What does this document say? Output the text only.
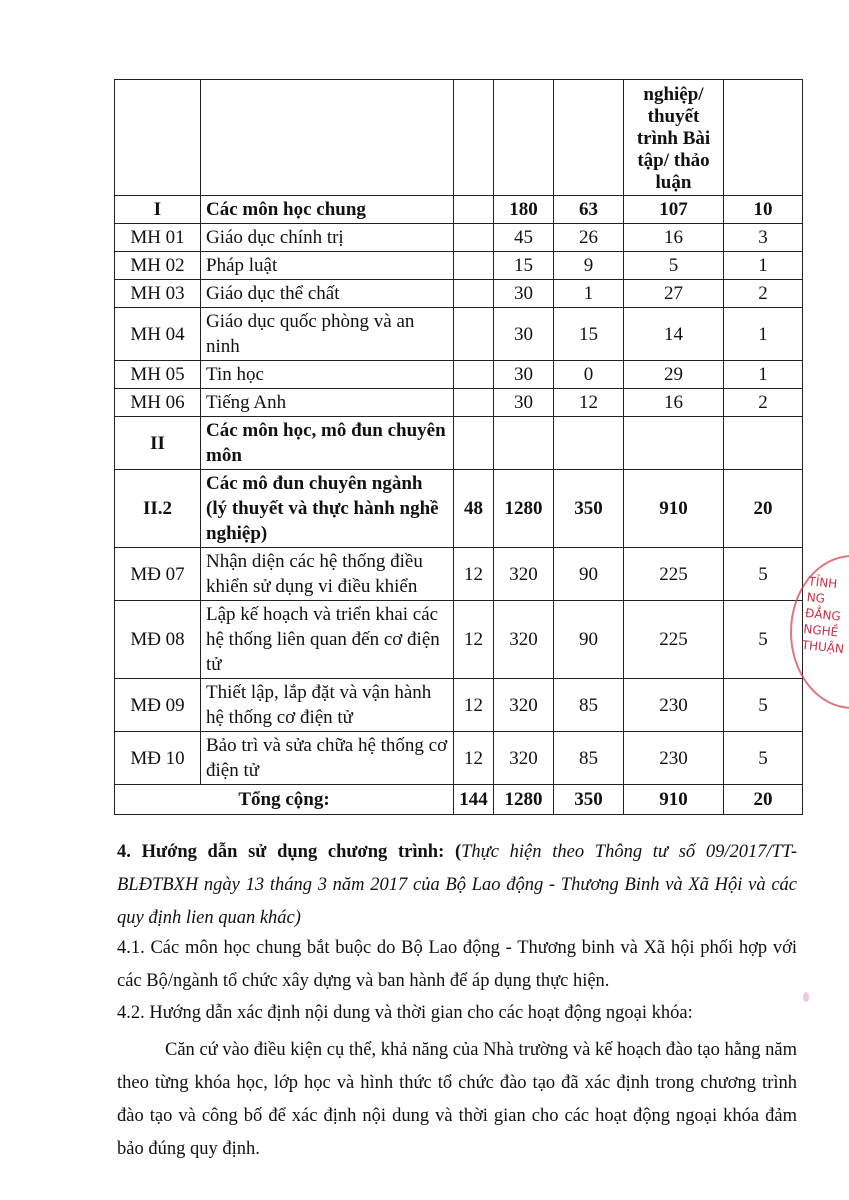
					nghiệp/ thuyết trình Bài tập/ thảo luận	
I	Các môn học chung		180	63	107	10
MH 01	Giáo dục chính trị		45	26	16	3
MH 02	Pháp luật		15	9	5	1
MH 03	Giáo dục thể chất		30	1	27	2
MH 04	Giáo dục quốc phòng và an ninh		30	15	14	1
MH 05	Tin học		30	0	29	1
MH 06	Tiếng Anh		30	12	16	2
II	Các môn học, mô đun chuyên môn					
II.2	Các mô đun chuyên ngành (lý thuyết và thực hành nghề nghiệp)	48	1280	350	910	20
MĐ 07	Nhận diện các hệ thống điều khiển sử dụng vi điều khiển	12	320	90	225	5
MĐ 08	Lập kế hoạch và triển khai các hệ thống liên quan đến cơ điện tử	12	320	90	225	5
MĐ 09	Thiết lập, lắp đặt và vận hành hệ thống cơ điện tử	12	320	85	230	5
MĐ 10	Bảo trì và sửa chữa hệ thống cơ điện tử	12	320	85	230	5
Tổng cộng:		144	1280	350	910	20

4. Hướng dẫn sử dụng chương trình: (Thực hiện theo Thông tư số 09/2017/TT-BLĐTBXH ngày 13 tháng 3 năm 2017 của Bộ Lao động - Thương Binh và Xã Hội và các quy định lien quan khác)

4.1. Các môn học chung bắt buộc do Bộ Lao động - Thương binh và Xã hội phối hợp với các Bộ/ngành tổ chức xây dựng và ban hành để áp dụng thực hiện.

4.2. Hướng dẫn xác định nội dung và thời gian cho các hoạt động ngoại khóa:

Căn cứ vào điều kiện cụ thể, khả năng của Nhà trường và kế hoạch đào tạo hằng năm theo từng khóa học, lớp học và hình thức tổ chức đào tạo đã xác định trong chương trình đào tạo và công bố để xác định nội dung và thời gian cho các hoạt động ngoại khóa đảm bảo đúng quy định.

TỈNH
NG
ĐẲNG
NGHỀ
THUẬN
